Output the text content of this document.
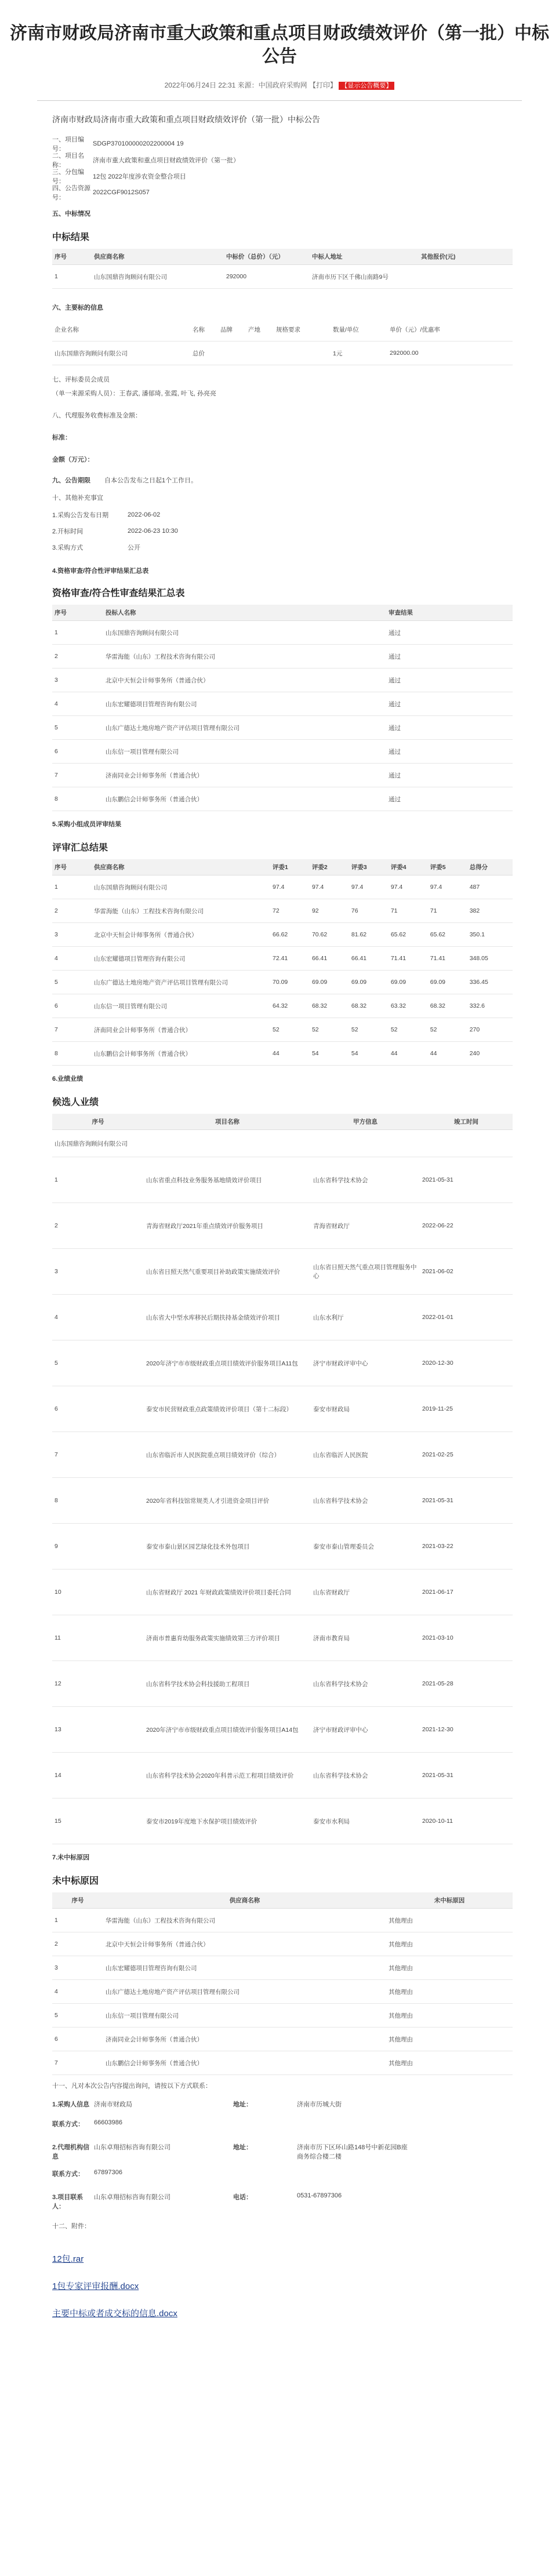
济南市财政局济南市重大政策和重点项目财政绩效评价（第一批）中标公告
2022年06月24日 22:31 来源：中国政府采购网 【打印】 【显示公告概要】
济南市财政局济南市重大政策和重点项目财政绩效评价（第一批）中标公告
一、项目编号：
SDGP370100000202200004 19
二、项目名称：
济南市重大政策和重点项目财政绩效评价（第一批）
三、分包编号：
12包 2022年度涉农资金整合项目
四、公告资源号：
2022CGF9012S057
五、中标情况
中标结果
序号	供应商名称	中标价（总价）（元）	中标人地址	其他报价(元)
1	山东国鼎咨询顾问有限公司	292000	济南市历下区千佛山南路9号	
六、主要标的信息
企业名称	名称	品牌	产地	规格要求	数量/单位	单价（元）/优惠率
山东国鼎咨询顾问有限公司	总价				1元	292000.00
七、评标委员会成员
（单一来源采购人员）：王春武, 潘郁琦, 张霞, 叶飞, 孙亮亮
八、代理服务收费标准及金额：
标准：
金额（万元）：
九、公告期限	自本公告发布之日起1个工作日。
十、其他补充事宜
1.采购公告发布日期	2022-06-02
2.开标时间	2022-06-23 10:30
3.采购方式	公开
4.资格审查/符合性评审结果汇总表
资格审查/符合性审查结果汇总表
序号	投标人名称	审查结果
1	山东国鼎咨询顾问有限公司	通过
2	华雷海能（山东）工程技术咨询有限公司	通过
3	北京中天恒会计师事务所（普通合伙）	通过
4	山东宏耀德项目管理咨询有限公司	通过
5	山东广德达土地房地产资产评估项目管理有限公司	通过
6	山东信一项目管理有限公司	通过
7	济南同业会计师事务所（普通合伙）	通过
8	山东鹏信会计师事务所（普通合伙）	通过
5.采购小组成员评审结果
评审汇总结果
序号	供应商名称	评委1	评委2	评委3	评委4	评委5	总得分
1	山东国鼎咨询顾问有限公司	97.4	97.4	97.4	97.4	97.4	487
2	华雷海能（山东）工程技术咨询有限公司	72	92	76	71	71	382
3	北京中天恒会计师事务所（普通合伙）	66.62	70.62	81.62	65.62	65.62	350.1
4	山东宏耀德项目管理咨询有限公司	72.41	66.41	66.41	71.41	71.41	348.05
5	山东广德达土地房地产资产评估项目管理有限公司	70.09	69.09	69.09	69.09	69.09	336.45
6	山东信一项目管理有限公司	64.32	68.32	68.32	63.32	68.32	332.6
7	济南同业会计师事务所（普通合伙）	52	52	52	52	52	270
8	山东鹏信会计师事务所（普通合伙）	44	54	54	44	44	240
6.业绩业绩
候选人业绩
序号	项目名称	甲方信息	竣工时间
山东国鼎咨询顾问有限公司			
1	山东省重点科技业务服务基地绩效评价项目	山东省科学技术协会	2021-05-31
2	青海省财政厅2021年重点绩效评价服务项目	青海省财政厅	2022-06-22
3	山东省日照天然气重要项目补助政策实施绩效评价	山东省日照天然气重点项目管理服务中心	2021-06-02
4	山东省大中型水库移民后期扶持基金绩效评价项目	山东水利厅	2022-01-01
5	2020年济宁市市级财政重点项目绩效评价服务项目A11包	济宁市财政评审中心	2020-12-30
6	泰安市民营财政重点政策绩效评价项目（第十二标段）	泰安市财政局	2019-11-25
7	山东省临沂市人民医院重点项目绩效评价（综合）	山东省临沂人民医院	2021-02-25
8	2020年省科技馆常规类人才引进资金项目评价	山东省科学技术协会	2021-05-31
9	泰安市泰山景区园艺绿化技术外包项目	泰安市泰山管理委员会	2021-03-22
10	山东省财政厅 2021 年财政政策绩效评价项目委托合同	山东省财政厅	2021-06-17
11	济南市普惠育幼服务政策实施绩效第三方评价项目	济南市教育局	2021-03-10
12	山东省科学技术协会科技援助工程项目	山东省科学技术协会	2021-05-28
13	2020年济宁市市级财政重点项目绩效评价服务项目A14包	济宁市财政评审中心	2021-12-30
14	山东省科学技术协会2020年科普示范工程项目绩效评价	山东省科学技术协会	2021-05-31
15	泰安市2019年度地下水保护项目绩效评价	泰安市水利局	2020-10-11
7.未中标原因
未中标原因
序号	供应商名称	未中标原因
1	华雷海能（山东）工程技术咨询有限公司	其他理由
2	北京中天恒会计师事务所（普通合伙）	其他理由
3	山东宏耀德项目管理咨询有限公司	其他理由
4	山东广德达土地房地产资产评估项目管理有限公司	其他理由
5	山东信一项目管理有限公司	其他理由
6	济南同业会计师事务所（普通合伙）	其他理由
7	山东鹏信会计师事务所（普通合伙）	其他理由
十一、凡对本次公告内容提出询问，请按以下方式联系：
1.采购人信息 济南市财政局	地址：	济南市历城大街
联系方式：	66603986
2.代理机构信息
山东卓翔招标咨询有限公司	地址：	济南市历下区环山路148号中新花园B座商务综合楼二楼
联系方式：	67897306
3.项目联系人：
山东卓翔招标咨询有限公司	电话：	0531-67897306
十二、附件：
12包.rar
1包专家评审报酬.docx
主要中标或者成交标的信息.docx
